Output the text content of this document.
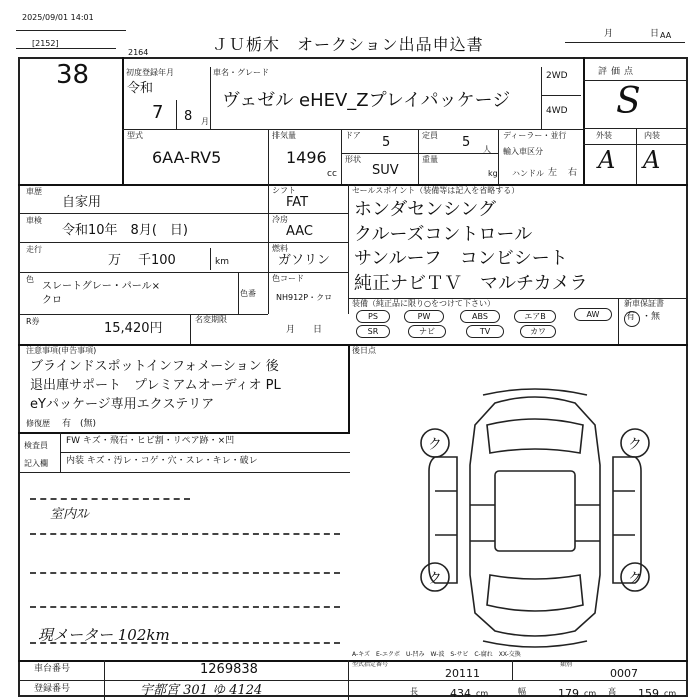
2025/09/01 14:01
[2152]
2164	ＪＵ栃木　オークション出品申込書
月	日 AA
38	初度登録年月
令和
7 8 月
車名・グレード
ヴェゼル eHEV_Zプレイパッケージ
2WD
4WD
評価点
S
外装	内装
A A
型式
6AA-RV5
排気量
1496
cc
ドア 5	定員 5 人
形状
SUV
重量
kg
ディーラー・並行
輸入車区分
ハンドル 左 右
車歴
自家用
車検
令和10年　8月(　日)
走行
万 千100	km
色
スレートグレー・パール×
クロ
色番
R券	15,420円
名変期限
月　　日
シフト
FAT
冷房
AAC
燃料
ガソリン
色コード
NH912P・クロ
セールスポイント（装備等は記入を省略する）
ホンダセンシング
クルーズコントロール
サンルーフ　コンビシート
純正ナビＴＶ　マルチカメラ
装備（純正品に限り○をつけて下さい）
PS	PW	ABS	エアB	AW
SR	ナビ	TV	カワ
新車保証書
有 ・無
注意事項(申告事項)
ブラインドスポットインフォメーション 後
退出庫サポート　プレミアムオーディオ PL
eYパッケージ専用エクステリア
修復歴 有　(無)
後日点
検査員
記入欄
FW キズ・飛石・ヒビ割・リペア跡・×凹
内装 キズ・汚レ・コゲ・穴・スレ・キレ・破レ
室内ｽﾚ
現メーター 102km
ク	ク
ク	ク
A-キズ　E-エクボ　U-凹み　W-波　S-サビ　C-腐れ　XX-交換
車台番号	1269838
登録番号	宇都宮 301 ゆ 4124
型式指定番号
20111
類別
0007
長	434 cm	幅	179 cm 高 159 cm
